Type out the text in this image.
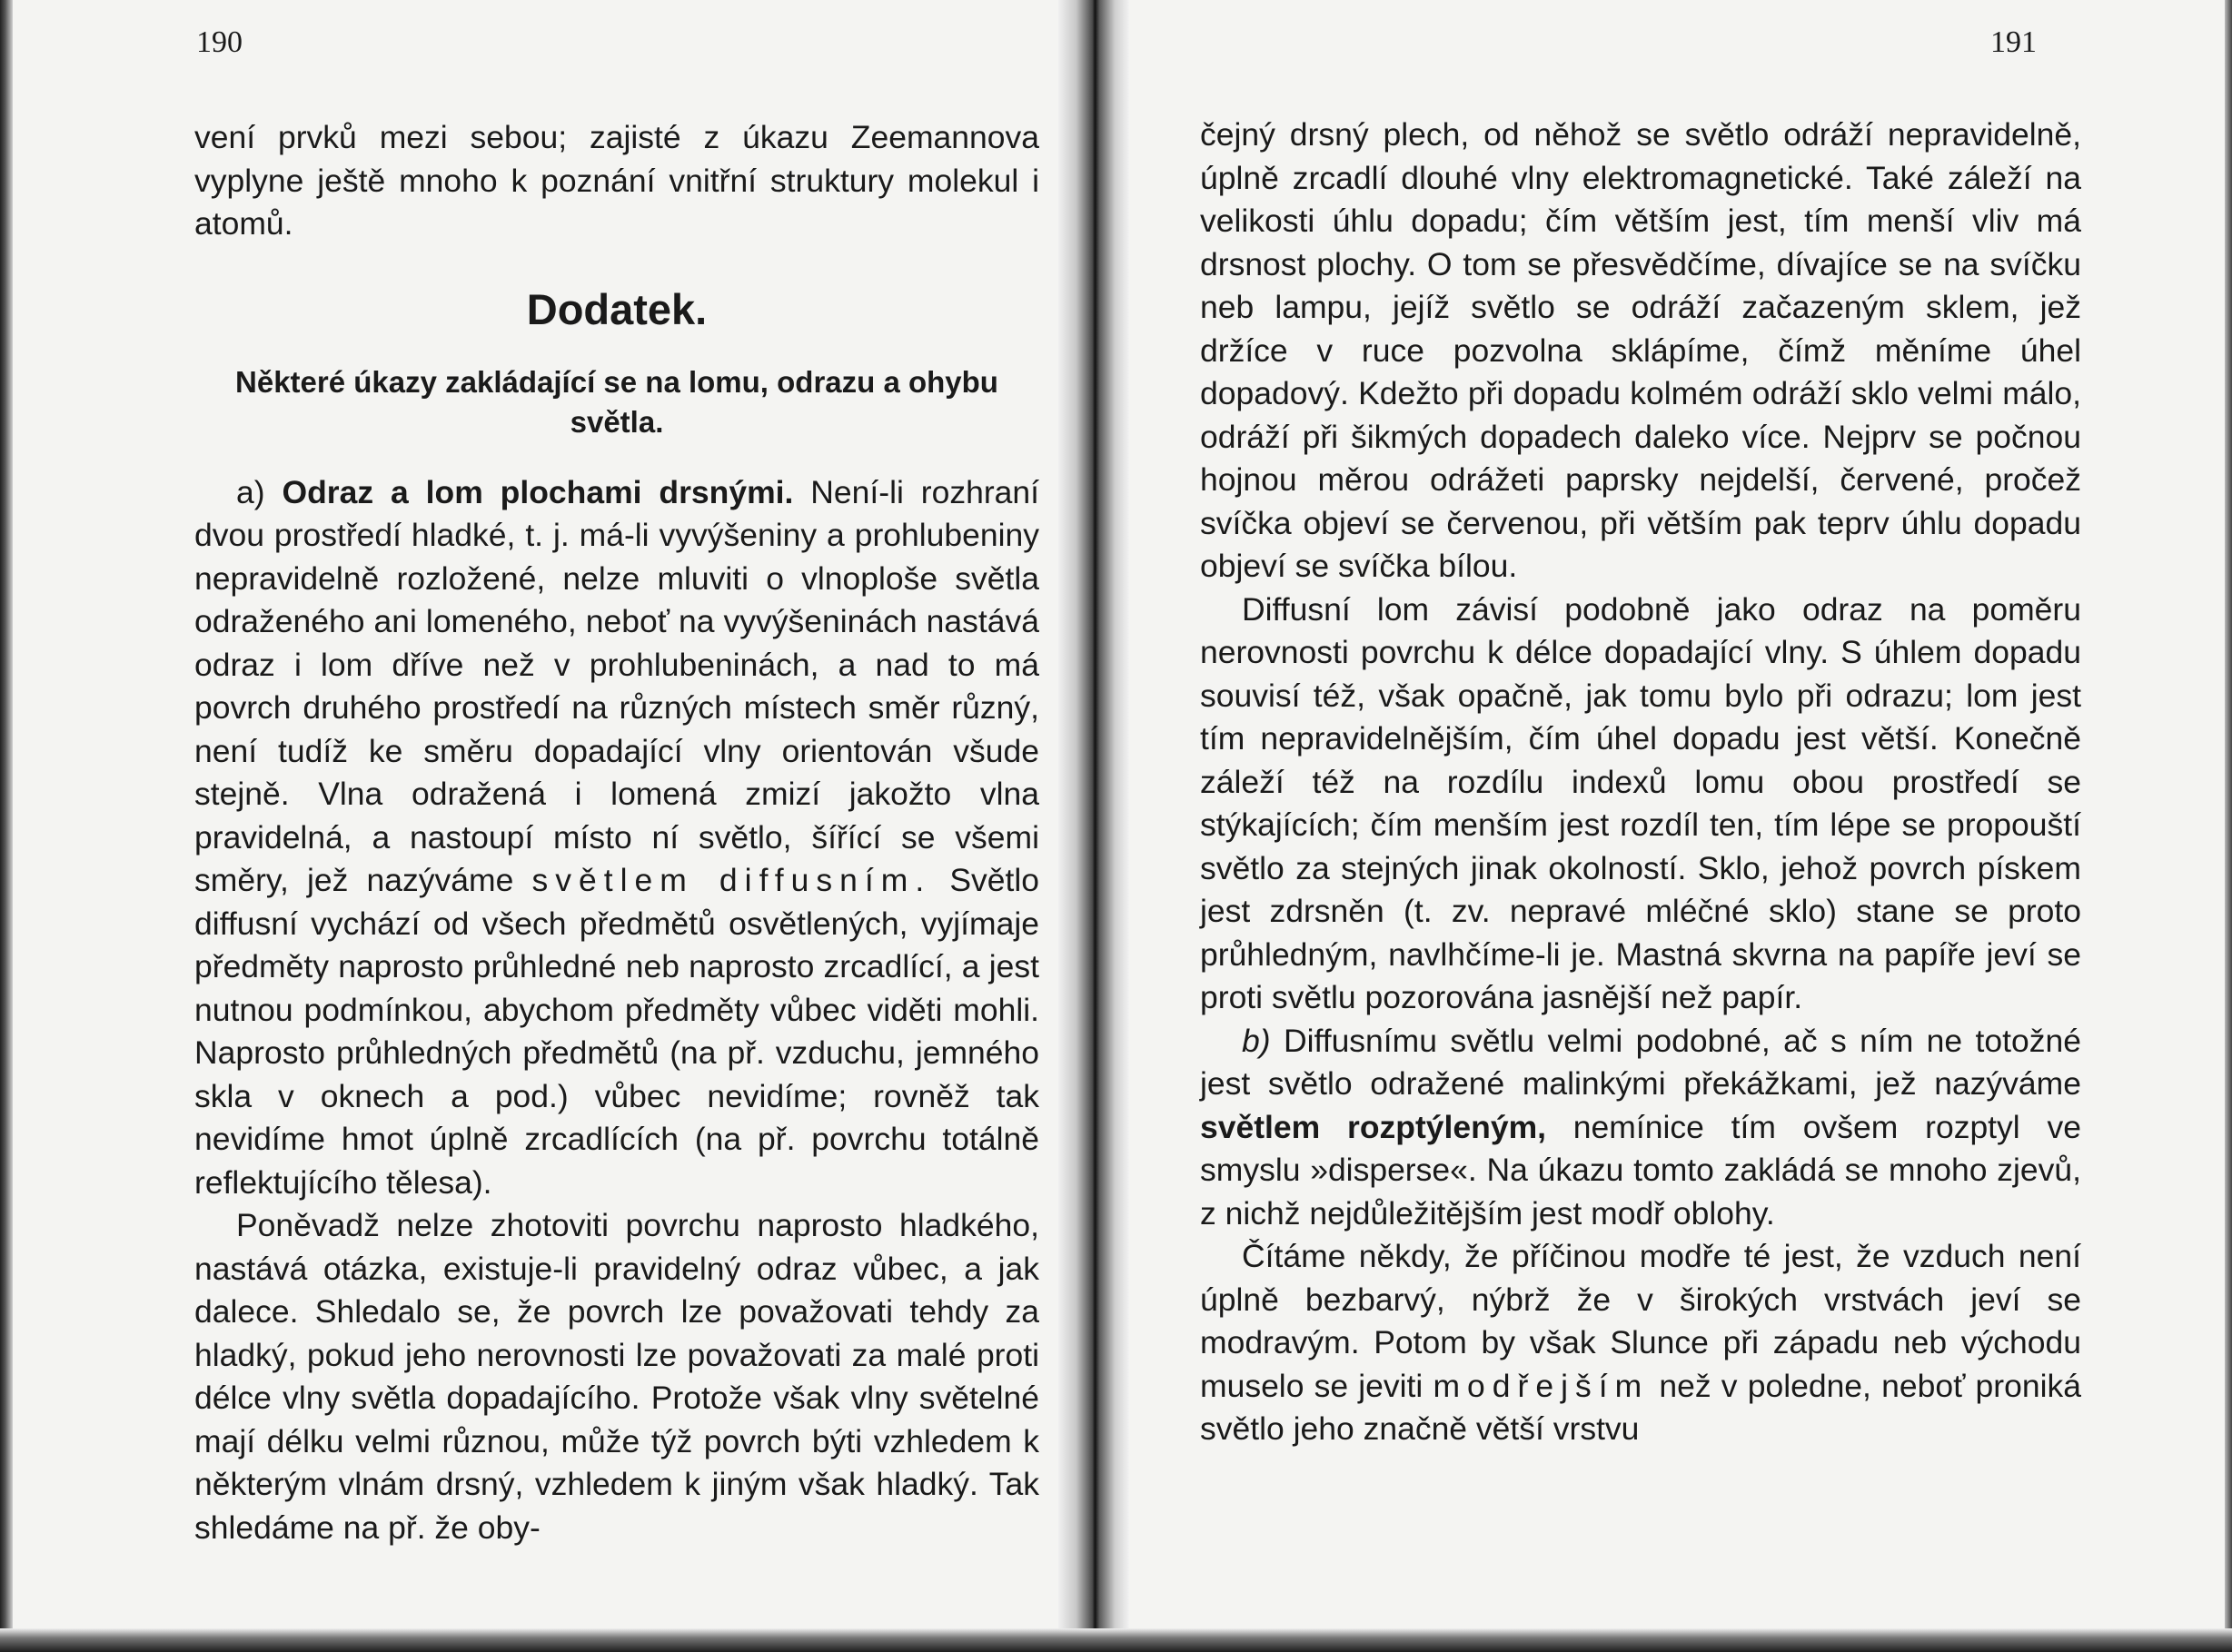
190

vení prvků mezi sebou; zajisté z úkazu Zeemannova vyplyne ještě mnoho k poznání vnitřní struktury molekul i atomů.

Dodatek.

Některé úkazy zakládající se na lomu, odrazu a ohybu světla.

a) Odraz a lom plochami drsnými. Není-li rozhraní dvou prostředí hladké, t. j. má-li vyvýšeniny a prohlubeniny nepravidelně rozložené, nelze mluviti o vlnoploše světla odraženého ani lomeného, neboť na vyvýšeninách nastává odraz i lom dříve než v prohlubeninách, a nad to má povrch druhého prostředí na různých místech směr různý, není tudíž ke směru dopadající vlny orientován všude stejně. Vlna odražená i lomená zmizí jakožto vlna pravidelná, a nastoupí místo ní světlo, šířící se všemi směry, jež nazýváme světlem diffusním. Světlo diffusní vychází od všech předmětů osvětlených, vyjímaje předměty naprosto průhledné neb naprosto zrcadlící, a jest nutnou podmínkou, abychom předměty vůbec viděti mohli. Naprosto průhledných předmětů (na př. vzduchu, jemného skla v oknech a pod.) vůbec nevidíme; rovněž tak nevidíme hmot úplně zrcadlících (na př. povrchu totálně reflektujícího tělesa).

Poněvadž nelze zhotoviti povrchu naprosto hladkého, nastává otázka, existuje-li pravidelný odraz vůbec, a jak dalece. Shledalo se, že povrch lze považovati tehdy za hladký, pokud jeho nerovnosti lze považovati za malé proti délce vlny světla dopadajícího. Protože však vlny světelné mají délku velmi různou, může týž povrch býti vzhledem k některým vlnám drsný, vzhledem k jiným však hladký. Tak shledáme na př. že oby-

191

čejný drsný plech, od něhož se světlo odráží nepravidelně, úplně zrcadlí dlouhé vlny elektromagnetické. Také záleží na velikosti úhlu dopadu; čím větším jest, tím menší vliv má drsnost plochy. O tom se přesvědčíme, dívajíce se na svíčku neb lampu, jejíž světlo se odráží začazeným sklem, jež držíce v ruce pozvolna sklápíme, čímž měníme úhel dopadový. Kdežto při dopadu kolmém odráží sklo velmi málo, odráží při šikmých dopadech daleko více. Nejprv se počnou hojnou měrou odrážeti paprsky nejdelší, červené, pročež svíčka objeví se červenou, při větším pak teprv úhlu dopadu objeví se svíčka bílou.

Diffusní lom závisí podobně jako odraz na poměru nerovnosti povrchu k délce dopadající vlny. S úhlem dopadu souvisí též, však opačně, jak tomu bylo při odrazu; lom jest tím nepravidelnějším, čím úhel dopadu jest větší. Konečně záleží též na rozdílu indexů lomu obou prostředí se stýkajících; čím menším jest rozdíl ten, tím lépe se propouští světlo za stejných jinak okolností. Sklo, jehož povrch pískem jest zdrsněn (t. zv. nepravé mléčné sklo) stane se proto průhledným, navlhčíme-li je. Mastná skvrna na papíře jeví se proti světlu pozorována jasnější než papír.

b) Diffusnímu světlu velmi podobné, ač s ním ne totožné jest světlo odražené malinkými překážkami, jež nazýváme světlem rozptýleným, nemínice tím ovšem rozptyl ve smyslu »disperse«. Na úkazu tomto zakládá se mnoho zjevů, z nichž nejdůležitějším jest modř oblohy.

Čítáme někdy, že příčinou modře té jest, že vzduch není úplně bezbarvý, nýbrž že v širokých vrstvách jeví se modravým. Potom by však Slunce při západu neb východu muselo se jeviti modřejším než v poledne, neboť proniká světlo jeho značně větší vrstvu
